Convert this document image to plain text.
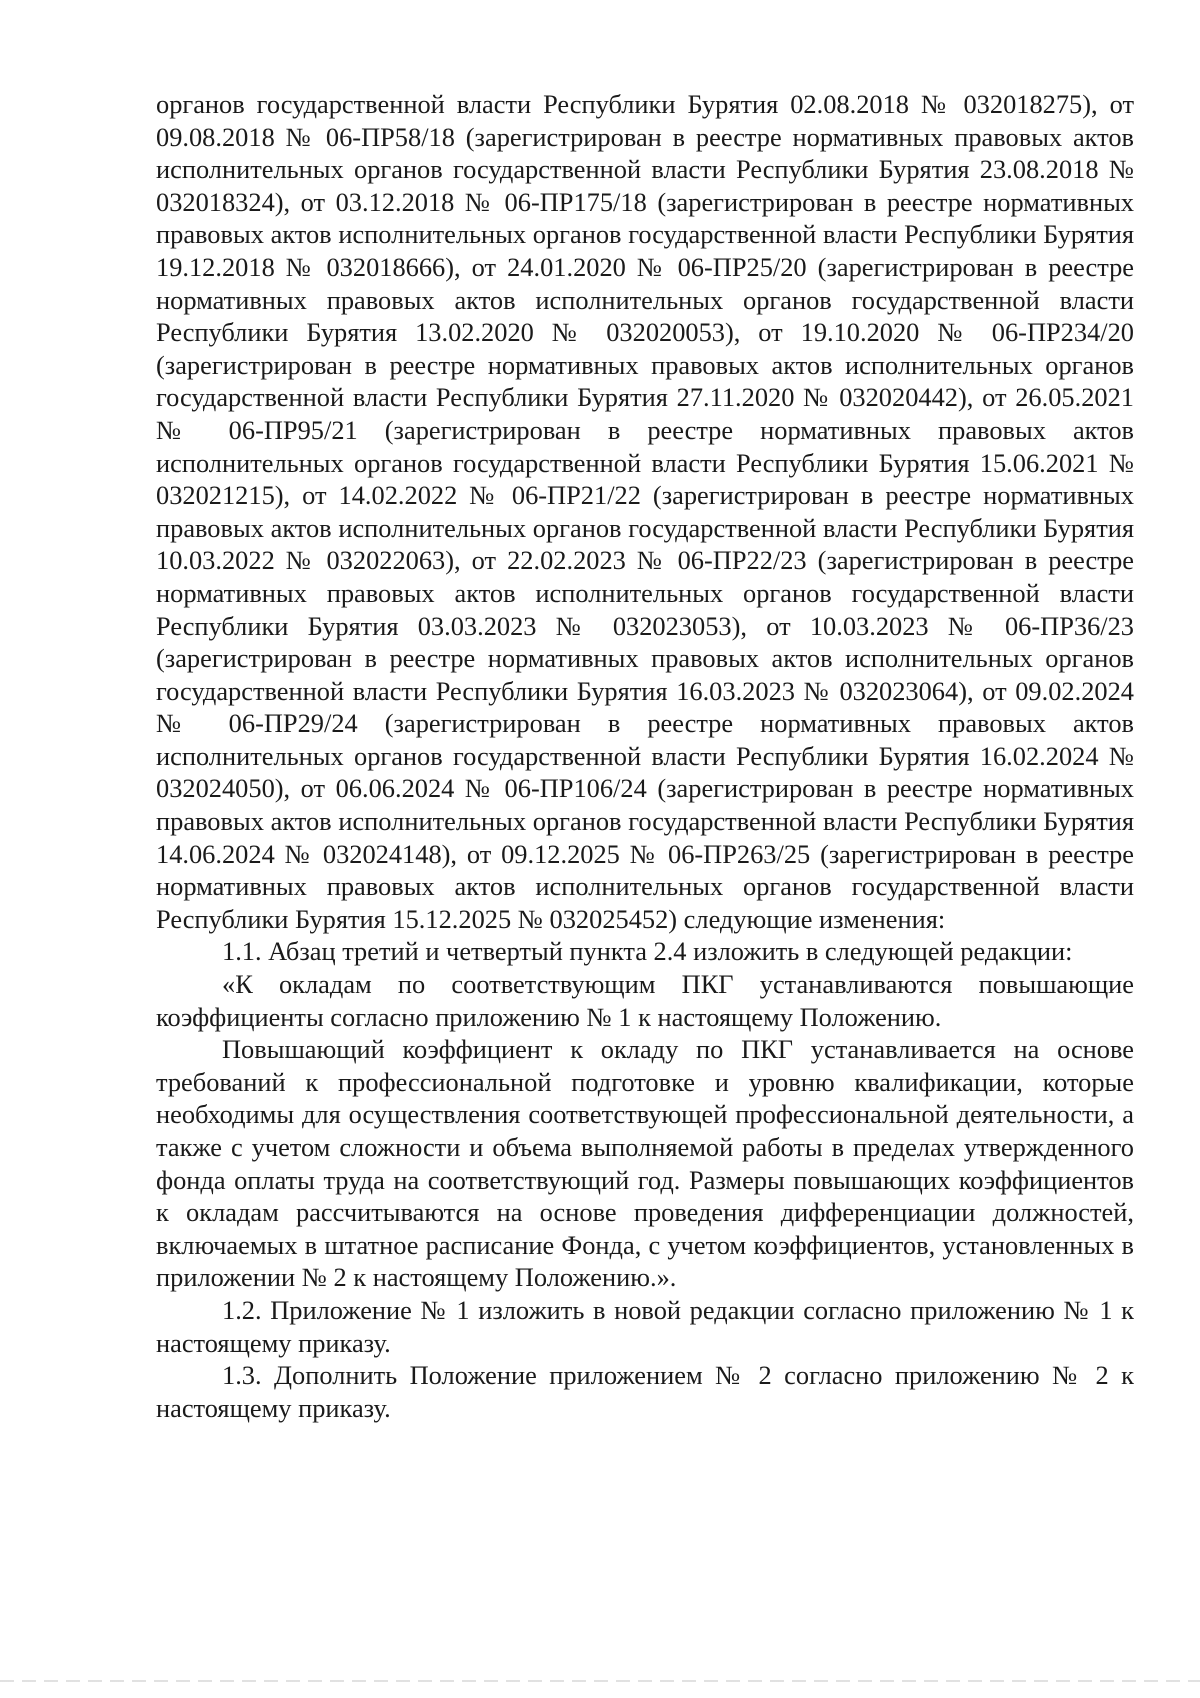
органов государственной власти Республики Бурятия 02.08.2018 № 032018275), от 09.08.2018 № 06-ПР58/18 (зарегистрирован в реестре нормативных правовых актов исполнительных органов государственной власти Республики Бурятия 23.08.2018 № 032018324), от 03.12.2018 № 06-ПР175/18 (зарегистрирован в реестре нормативных правовых актов исполнительных органов государственной власти Республики Бурятия 19.12.2018 № 032018666), от 24.01.2020 № 06-ПР25/20 (зарегистрирован в реестре нормативных правовых актов исполнительных органов государственной власти Республики Бурятия 13.02.2020 № 032020053), от 19.10.2020 № 06-ПР234/20 (зарегистрирован в реестре нормативных правовых актов исполнительных органов государственной власти Республики Бурятия 27.11.2020 № 032020442), от 26.05.2021 № 06-ПР95/21 (зарегистрирован в реестре нормативных правовых актов исполнительных органов государственной власти Республики Бурятия 15.06.2021 № 032021215), от 14.02.2022 № 06-ПР21/22 (зарегистрирован в реестре нормативных правовых актов исполнительных органов государственной власти Республики Бурятия 10.03.2022 № 032022063), от 22.02.2023 № 06-ПР22/23 (зарегистрирован в реестре нормативных правовых актов исполнительных органов государственной власти Республики Бурятия 03.03.2023 № 032023053), от 10.03.2023 № 06-ПР36/23 (зарегистрирован в реестре нормативных правовых актов исполнительных органов государственной власти Республики Бурятия 16.03.2023 № 032023064), от 09.02.2024 № 06-ПР29/24 (зарегистрирован в реестре нормативных правовых актов исполнительных органов государственной власти Республики Бурятия 16.02.2024 № 032024050), от 06.06.2024 № 06-ПР106/24 (зарегистрирован в реестре нормативных правовых актов исполнительных органов государственной власти Республики Бурятия 14.06.2024 № 032024148), от 09.12.2025 № 06-ПР263/25 (зарегистрирован в реестре нормативных правовых актов исполнительных органов государственной власти Республики Бурятия 15.12.2025 № 032025452) следующие изменения:

1.1. Абзац третий и четвертый пункта 2.4 изложить в следующей редакции:

«К окладам по соответствующим ПКГ устанавливаются повышающие коэффициенты согласно приложению № 1 к настоящему Положению.

Повышающий коэффициент к окладу по ПКГ устанавливается на основе требований к профессиональной подготовке и уровню квалификации, которые необходимы для осуществления соответствующей профессиональной деятельности, а также с учетом сложности и объема выполняемой работы в пределах утвержденного фонда оплаты труда на соответствующий год. Размеры повышающих коэффициентов к окладам рассчитываются на основе проведения дифференциации должностей, включаемых в штатное расписание Фонда, с учетом коэффициентов, установленных в приложении № 2 к настоящему Положению.».

1.2. Приложение № 1 изложить в новой редакции согласно приложению № 1 к настоящему приказу.

1.3. Дополнить Положение приложением № 2 согласно приложению № 2 к настоящему приказу.
